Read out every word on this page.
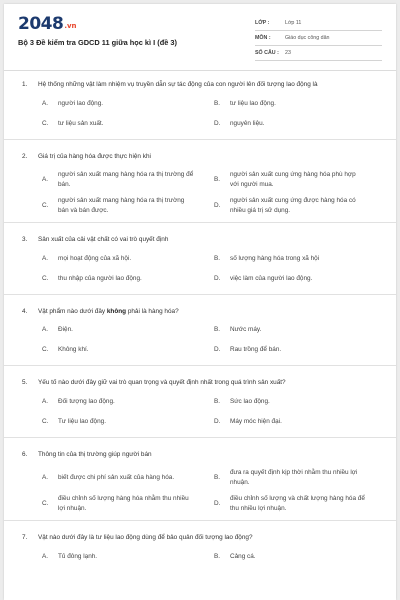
2048.vn
Bộ 3 Đề kiểm tra GDCD 11 giữa học kì I (đề 3)
LỚP :	Lớp 11
MÔN :	Giáo dục công dân
SỐ CÂU :	23
1. Hệ thống những vật làm nhiệm vụ truyền dẫn sự tác động của con người lên đối tượng lao động là
A. người lao động.	B. tư liệu lao động.
C. tư liệu sản xuất.	D. nguyên liệu.
2. Giá trị của hàng hóa được thực hiện khi
A.
người sản xuất mang hàng hóa ra thị trường để bán.
B.
người sản xuất cung ứng hàng hóa phù hợp với người mua.
C.
người sản xuất mang hàng hóa ra thị trường bán và bán được.
D.
người sản xuất cung ứng được hàng hóa có nhiều giá trị sử dụng.
3. Sản xuất của cải vật chất có vai trò quyết định
A. mọi hoạt động của xã hội.	B. số lượng hàng hóa trong xã hội
C. thu nhập của người lao động.	D. việc làm của người lao động.
4. Vật phẩm nào dưới đây không phải là hàng hóa?
A. Điện.	B. Nước máy.
C. Không khí.	D. Rau trồng để bán.
5. Yếu tố nào dưới đây giữ vai trò quan trọng và quyết định nhất trong quá trình sản xuất?
A. Đối tượng lao động.	B. Sức lao động.
C. Tư liệu lao động.	D. Máy móc hiện đại.
6. Thông tin của thị trường giúp người bán
A. biết được chi phí sản xuất của hàng hóa.	B.
đưa ra quyết định kịp thời nhằm thu nhiều lợi nhuận.
C.
điều chỉnh số lượng hàng hóa nhằm thu nhiều lợi nhuận.
D.
điều chỉnh số lượng và chất lượng hàng hóa để thu nhiều lợi nhuận.
7. Vật nào dưới đây là tư liệu lao động dùng để bảo quản đối tượng lao động?
A. Tủ đông lạnh.	B. Cảng cá.
